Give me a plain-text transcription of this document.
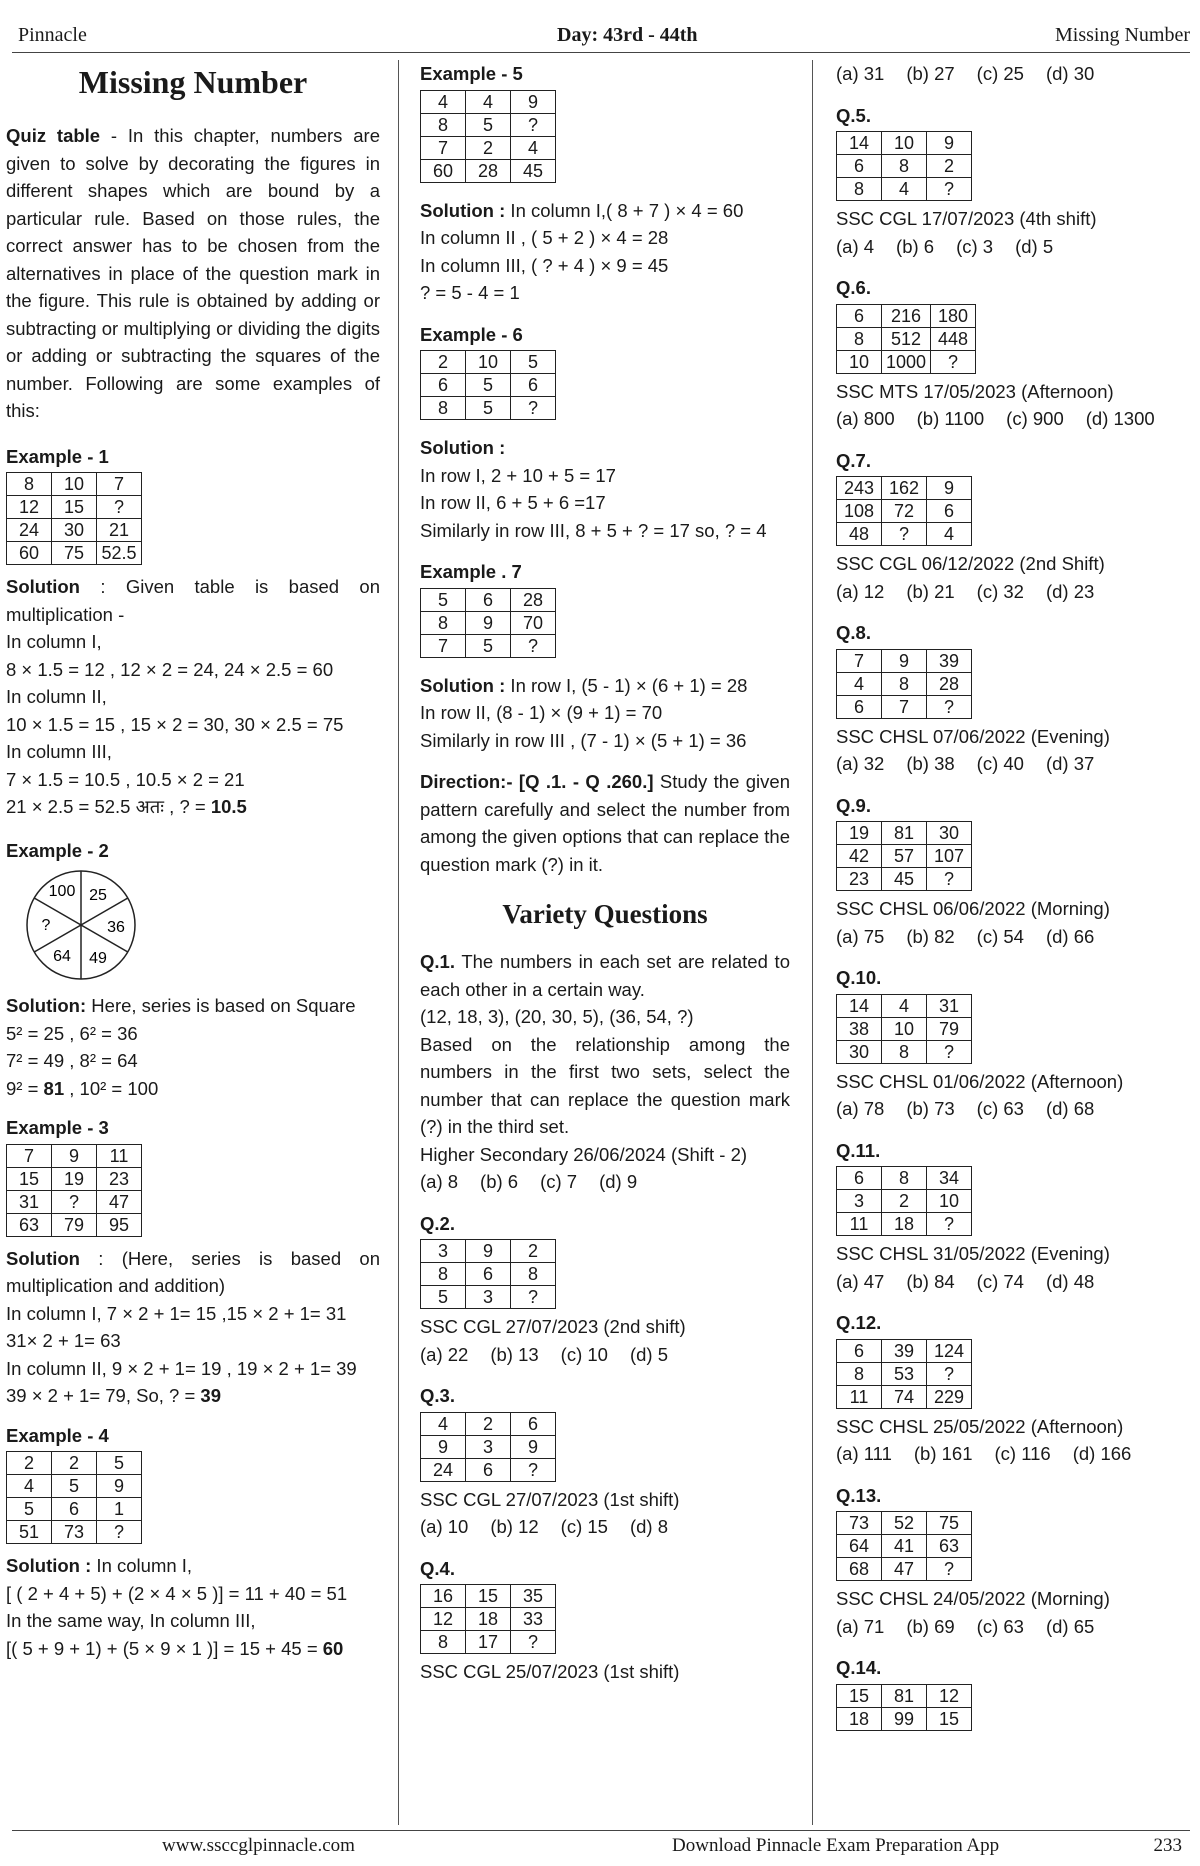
Pinnacle	Day: 43rd - 44th	Missing Number
Missing Number
Quiz table - In this chapter, numbers are given to solve by decorating the figures in different shapes which are bound by a particular rule. Based on those rules, the correct answer has to be chosen from the alternatives in place of the question mark in the figure. This rule is obtained by adding or subtracting or multiplying or dividing the digits or adding or subtracting the squares of the number. Following are some examples of this:
Example - 1
8	10	7
12	15	?
24	30	21
60	75	52.5
Solution : Given table is based on multiplication -
In column I,
8 × 1.5 = 12 , 12 × 2 = 24, 24 × 2.5 = 60
In column II,
10 × 1.5 = 15 , 15 × 2 = 30, 30 × 2.5 = 75
In column III,
7 × 1.5 = 10.5 , 10.5 × 2 = 21
21 × 2.5 = 52.5 अतः , ? = 10.5
Example - 2
100 25
36
49
64
?
Solution: Here, series is based on Square
5² = 25 , 6² = 36
7² = 49 , 8² = 64
9² = 81 , 10² = 100
Example - 3
7	9	11
15	19	23
31	?	47
63	79	95
Solution : (Here, series is based on multiplication and addition)
In column I, 7 × 2 + 1= 15 ,15 × 2 + 1= 31
31× 2 + 1= 63
In column II, 9 × 2 + 1= 19 , 19 × 2 + 1= 39
39 × 2 + 1= 79, So, ? = 39
Example - 4
2	2	5
4	5	9
5	6	1
51	73	?
Solution : In column I,
[ ( 2 + 4 + 5) + (2 × 4 × 5 )] = 11 + 40 = 51
In the same way, In column III,
[( 5 + 9 + 1) + (5 × 9 × 1 )] = 15 + 45 = 60
Example - 5
4	4	9
8	5	?
7	2	4
60	28	45
Solution : In column I,( 8 + 7 ) × 4 = 60
In column II , ( 5 + 2 ) × 4 = 28
In column III, ( ? + 4 ) × 9 = 45
? = 5 - 4 = 1
Example - 6
2	10	5
6	5	6
8	5	?
Solution :
In row I, 2 + 10 + 5 = 17
In row II, 6 + 5 + 6 =17
Similarly in row III, 8 + 5 + ? = 17 so, ? = 4
Example . 7
5	6	28
8	9	70
7	5	?
Solution : In row I, (5 - 1) × (6 + 1) = 28
In row II, (8 - 1) × (9 + 1) = 70
Similarly in row III , (7 - 1) × (5 + 1) = 36
Direction:- [Q .1. - Q .260.] Study the given pattern carefully and select the number from among the given options that can replace the question mark (?) in it.
Variety Questions
Q.1. The numbers in each set are related to each other in a certain way.
(12, 18, 3), (20, 30, 5), (36, 54, ?)
Based on the relationship among the numbers in the first two sets, select the number that can replace the question mark (?) in the third set.
Higher Secondary 26/06/2024 (Shift - 2)
(a) 8 (b) 6 (c) 7 (d) 9
Q.2.
3	9	2
8	6	8
5	3	?
SSC CGL 27/07/2023 (2nd shift)
(a) 22 (b) 13 (c) 10 (d) 5
Q.3.
4	2	6
9	3	9
24	6	?
SSC CGL 27/07/2023 (1st shift)
(a) 10 (b) 12 (c) 15 (d) 8
Q.4.
16	15	35
12	18	33
8	17	?
SSC CGL 25/07/2023 (1st shift)
(a) 31 (b) 27 (c) 25 (d) 30
Q.5.
14	10	9
6	8	2
8	4	?
SSC CGL 17/07/2023 (4th shift)
(a) 4 (b) 6 (c) 3 (d) 5
Q.6.
6	216	180
8	512	448
10	1000	?
SSC MTS 17/05/2023 (Afternoon)
(a) 800 (b) 1100 (c) 900 (d) 1300
Q.7.
243	162	9
108	72	6
48	?	4
SSC CGL 06/12/2022 (2nd Shift)
(a) 12 (b) 21 (c) 32 (d) 23
Q.8.
7	9	39
4	8	28
6	7	?
SSC CHSL 07/06/2022 (Evening)
(a) 32 (b) 38 (c) 40 (d) 37
Q.9.
19	81	30
42	57	107
23	45	?
SSC CHSL 06/06/2022 (Morning)
(a) 75 (b) 82 (c) 54 (d) 66
Q.10.
14	4	31
38	10	79
30	8	?
SSC CHSL 01/06/2022 (Afternoon)
(a) 78 (b) 73 (c) 63 (d) 68
Q.11.
6	8	34
3	2	10
11	18	?
SSC CHSL 31/05/2022 (Evening)
(a) 47 (b) 84 (c) 74 (d) 48
Q.12.
6	39	124
8	53	?
11	74	229
SSC CHSL 25/05/2022 (Afternoon)
(a) 111 (b) 161 (c) 116 (d) 166
Q.13.
73	52	75
64	41	63
68	47	?
SSC CHSL 24/05/2022 (Morning)
(a) 71 (b) 69 (c) 63 (d) 65
Q.14.
15	81	12
18	99	15
www.ssccglpinnacle.com	Download Pinnacle Exam Preparation App	233
